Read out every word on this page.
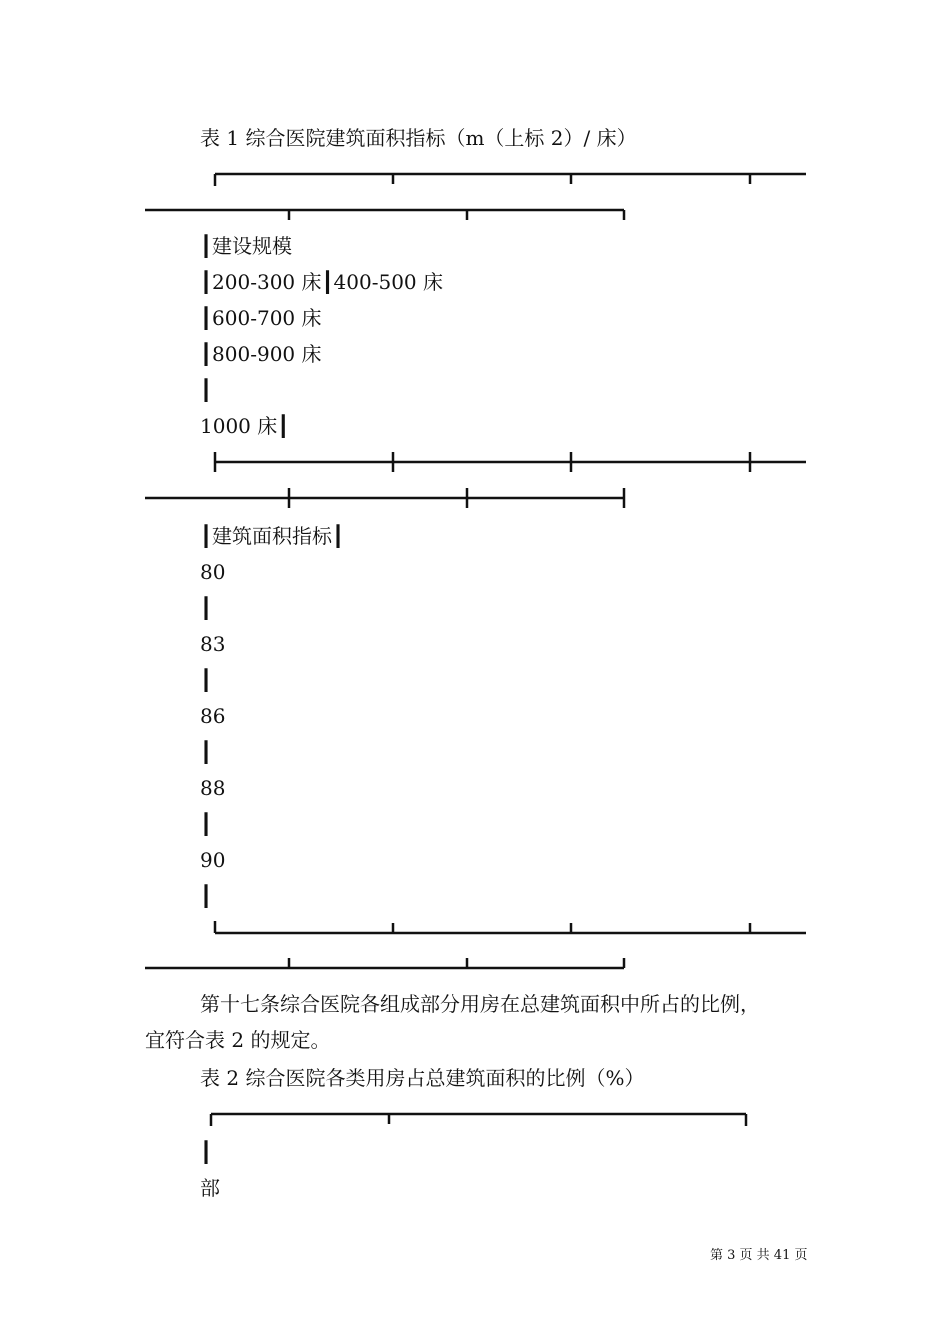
表 1 综合医院建筑面积指标（m（上标 2）/ 床）
┃建设规模
┃200-300 床┃400-500 床
┃600-700 床
┃800-900 床
┃
1000 床┃
┃建筑面积指标┃
80
┃
83
┃
86
┃
88
┃
90
┃
第十七条综合医院各组成部分用房在总建筑面积中所占的比例，
宜符合表 2 的规定。
表 2 综合医院各类用房占总建筑面积的比例（%）
┃
部
第 3 页 共 41 页
